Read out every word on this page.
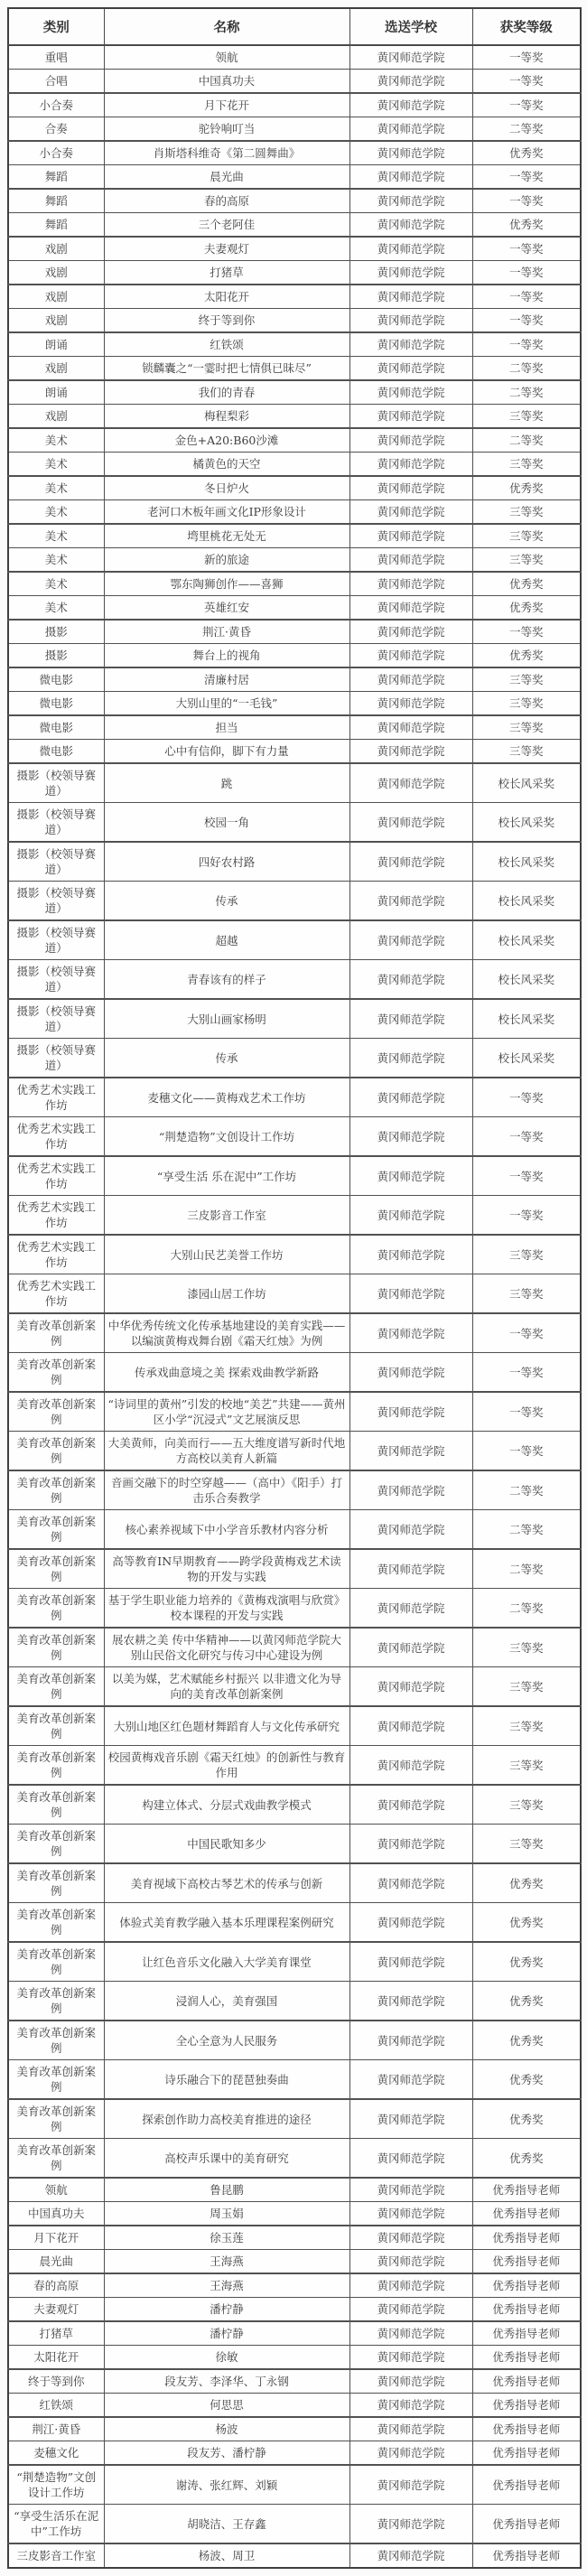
类别	名称	选送学校	获奖等级
重唱	领航	黄冈师范学院	一等奖
合唱	中国真功夫	黄冈师范学院	一等奖
小合奏	月下花开	黄冈师范学院	一等奖
合奏	驼铃响叮当	黄冈师范学院	二等奖
小合奏	肖斯塔科维奇《第二圆舞曲》	黄冈师范学院	优秀奖
舞蹈	晨光曲	黄冈师范学院	一等奖
舞蹈	春的高原	黄冈师范学院	一等奖
舞蹈	三个老阿佳	黄冈师范学院	优秀奖
戏剧	夫妻观灯	黄冈师范学院	一等奖
戏剧	打猪草	黄冈师范学院	一等奖
戏剧	太阳花开	黄冈师范学院	一等奖
戏剧	终于等到你	黄冈师范学院	一等奖
朗诵	红铁颂	黄冈师范学院	一等奖
戏剧	锁麟囊之“一霎时把七情俱已昧尽”	黄冈师范学院	二等奖
朗诵	我们的青春	黄冈师范学院	二等奖
戏剧	梅程梨彩	黄冈师范学院	三等奖
美术	金色+A20:B60沙滩	黄冈师范学院	二等奖
美术	橘黄色的天空	黄冈师范学院	三等奖
美术	冬日炉火	黄冈师范学院	优秀奖
美术	老河口木板年画文化IP形象设计	黄冈师范学院	三等奖
美术	塆里桃花无处无	黄冈师范学院	三等奖
美术	新的旅途	黄冈师范学院	三等奖
美术	鄂东陶狮创作——喜狮	黄冈师范学院	优秀奖
美术	英雄红安	黄冈师范学院	优秀奖
摄影	荆江·黄昏	黄冈师范学院	一等奖
摄影	舞台上的视角	黄冈师范学院	优秀奖
微电影	清廉村居	黄冈师范学院	三等奖
微电影	大别山里的“一毛钱”	黄冈师范学院	三等奖
微电影	担当	黄冈师范学院	三等奖
微电影	心中有信仰，脚下有力量	黄冈师范学院	三等奖
摄影（校领导赛道）	跳	黄冈师范学院	校长风采奖
摄影（校领导赛道）	校园一角	黄冈师范学院	校长风采奖
摄影（校领导赛道）	四好农村路	黄冈师范学院	校长风采奖
摄影（校领导赛道）	传承	黄冈师范学院	校长风采奖
摄影（校领导赛道）	超越	黄冈师范学院	校长风采奖
摄影（校领导赛道）	青春该有的样子	黄冈师范学院	校长风采奖
摄影（校领导赛道）	大别山画家杨明	黄冈师范学院	校长风采奖
摄影（校领导赛道）	传承	黄冈师范学院	校长风采奖
优秀艺术实践工作坊	麦穗文化——黄梅戏艺术工作坊	黄冈师范学院	一等奖
优秀艺术实践工作坊	“荆楚造物”文创设计工作坊	黄冈师范学院	一等奖
优秀艺术实践工作坊	“享受生活 乐在泥中”工作坊	黄冈师范学院	一等奖
优秀艺术实践工作坊	三皮影音工作室	黄冈师范学院	一等奖
优秀艺术实践工作坊	大别山民艺美誉工作坊	黄冈师范学院	三等奖
优秀艺术实践工作坊	漆园山居工作坊	黄冈师范学院	三等奖
美育改革创新案例	中华优秀传统文化传承基地建设的美育实践——以编演黄梅戏舞台剧《霜天红烛》为例	黄冈师范学院	一等奖
美育改革创新案例	传承戏曲意境之美 探索戏曲教学新路	黄冈师范学院	一等奖
美育改革创新案例	“诗词里的黄州”引发的校地“美艺”共建——黄州区小学“沉浸式”文艺展演反思	黄冈师范学院	一等奖
美育改革创新案例	大美黄师，向美而行——五大维度谱写新时代地方高校以美育人新篇	黄冈师范学院	一等奖
美育改革创新案例	音画交融下的时空穿越——（高中）《阳手）打击乐合奏教学	黄冈师范学院	二等奖
美育改革创新案例	核心素养视域下中小学音乐教材内容分析	黄冈师范学院	二等奖
美育改革创新案例	高等教育IN早期教育——跨学段黄梅戏艺术读物的开发与实践	黄冈师范学院	二等奖
美育改革创新案例	基于学生职业能力培养的《黄梅戏演唱与欣赏》校本课程的开发与实践	黄冈师范学院	二等奖
美育改革创新案例	展农耕之美 传中华精神——以黄冈师范学院大别山民俗文化研究与传习中心建设为例	黄冈师范学院	三等奖
美育改革创新案例	以美为媒，艺术赋能乡村振兴 以非遗文化为导向的美育改革创新案例	黄冈师范学院	三等奖
美育改革创新案例	大别山地区红色题材舞蹈育人与文化传承研究	黄冈师范学院	三等奖
美育改革创新案例	校园黄梅戏音乐剧《霜天红烛》的创新性与教育作用	黄冈师范学院	三等奖
美育改革创新案例	构建立体式、分层式戏曲教学模式	黄冈师范学院	三等奖
美育改革创新案例	中国民歌知多少	黄冈师范学院	三等奖
美育改革创新案例	美育视域下高校古琴艺术的传承与创新	黄冈师范学院	优秀奖
美育改革创新案例	体验式美育教学融入基本乐理课程案例研究	黄冈师范学院	优秀奖
美育改革创新案例	让红色音乐文化融入大学美育课堂	黄冈师范学院	优秀奖
美育改革创新案例	浸润人心，美育强国	黄冈师范学院	优秀奖
美育改革创新案例	全心全意为人民服务	黄冈师范学院	优秀奖
美育改革创新案例	诗乐融合下的琵琶独奏曲	黄冈师范学院	优秀奖
美育改革创新案例	探索创作助力高校美育推进的途径	黄冈师范学院	优秀奖
美育改革创新案例	高校声乐课中的美育研究	黄冈师范学院	优秀奖
领航	鲁昆鹏	黄冈师范学院	优秀指导老师
中国真功夫	周玉娟	黄冈师范学院	优秀指导老师
月下花开	徐玉莲	黄冈师范学院	优秀指导老师
晨光曲	王海燕	黄冈师范学院	优秀指导老师
春的高原	王海燕	黄冈师范学院	优秀指导老师
夫妻观灯	潘柠静	黄冈师范学院	优秀指导老师
打猪草	潘柠静	黄冈师范学院	优秀指导老师
太阳花开	徐敏	黄冈师范学院	优秀指导老师
终于等到你	段友芳、李泽华、丁永钢	黄冈师范学院	优秀指导老师
红铁颂	何思思	黄冈师范学院	优秀指导老师
荆江·黄昏	杨波	黄冈师范学院	优秀指导老师
麦穗文化	段友芳、潘柠静	黄冈师范学院	优秀指导老师
“荆楚造物”文创设计工作坊	谢涛、张红辉、刘颖	黄冈师范学院	优秀指导老师
“享受生活乐在泥中”工作坊	胡晓洁、王存鑫	黄冈师范学院	优秀指导老师
三皮影音工作室	杨波、周卫	黄冈师范学院	优秀指导老师
